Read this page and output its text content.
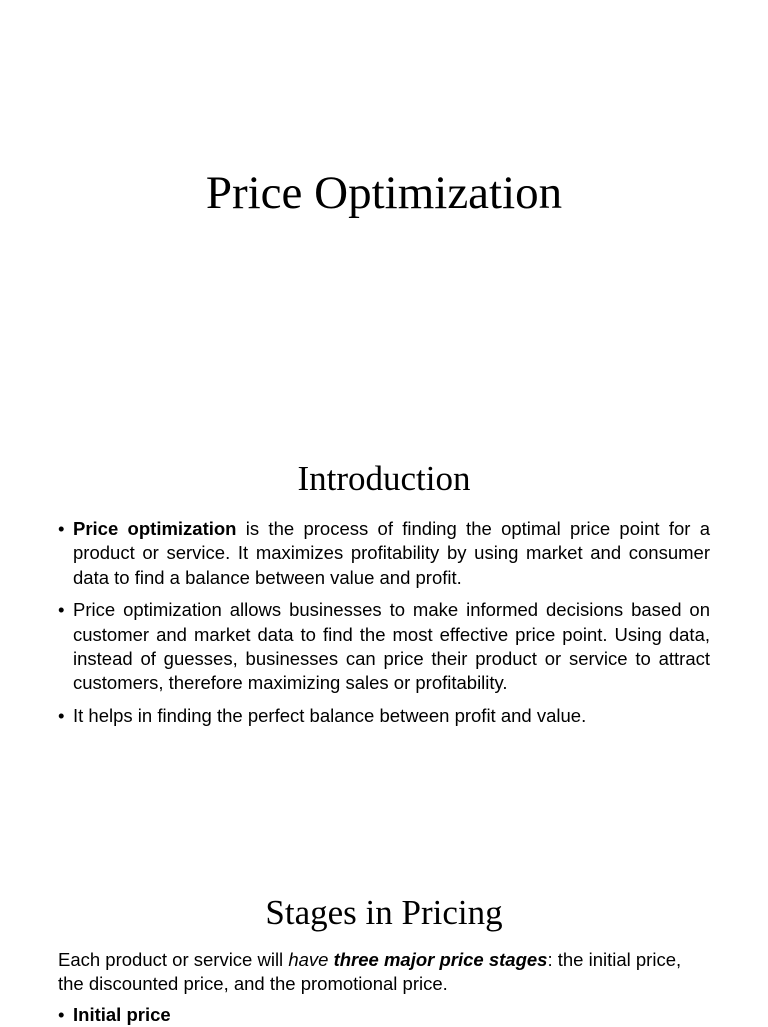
Price Optimization
Introduction
• Price optimization is the process of finding the optimal price point for a product or service. It maximizes profitability by using market and consumer data to find a balance between value and profit.
• Price optimization allows businesses to make informed decisions based on customer and market data to find the most effective price point. Using data, instead of guesses, businesses can price their product or service to attract customers, therefore maximizing sales or profitability.
• It helps in finding the perfect balance between profit and value.
Stages in Pricing

Each product or service will have three major price stages: the initial price, the discounted price, and the promotional price.

• Initial price
